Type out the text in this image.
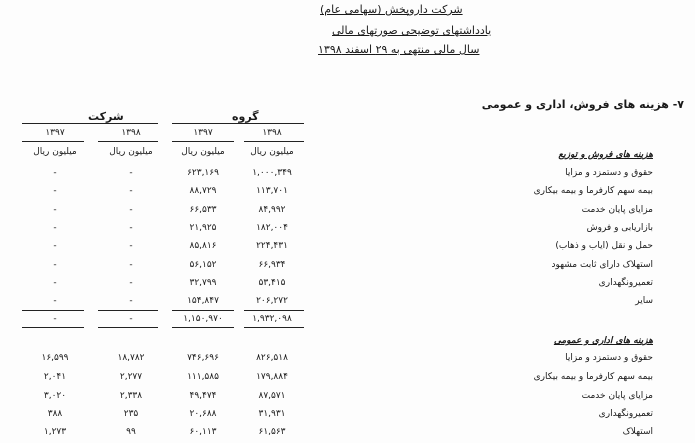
شرکت داروپخش (سهامی عام)
یادداشتهای توضیحی صورتهای مالی
سال مالی منتهی به ۲۹ اسفند ۱۳۹۸
۷- هزینه های فروش، اداری و عمومی
گروه
شرکت
۱۳۹۸
۱۳۹۷
۱۳۹۸
۱۳۹۷
میلیون ریال
میلیون ریال
میلیون ریال
میلیون ریال	هزینه های فروش و توزیع
حقوق و دستمزد و مزایا
۱,۰۰۰,۳۴۹
۶۲۳,۱۶۹
-
-
بیمه سهم کارفرما و بیمه بیکاری
۱۱۳,۷۰۱
۸۸,۷۲۹
-
-
مزایای پایان خدمت
۸۴,۹۹۲
۶۶,۵۳۳
-
-
بازاریابی و فروش
۱۸۲,۰۰۴
۲۱,۹۲۵
-
-
حمل و نقل (ایاب و ذهاب)
۲۲۴,۴۳۱
۸۵,۸۱۶
-
-
استهلاک دارای ثابت مشهود
۶۶,۹۳۴
۵۶,۱۵۲
-
-
تعمیرونگهداری
۵۳,۴۱۵
۳۲,۷۹۹
-
-
سایر
۲۰۶,۲۷۲
۱۵۴,۸۴۷
-
-
۱,۹۳۲,۰۹۸
۱,۱۵۰,۹۷۰
-
-
هزینه های اداری و عمومی
حقوق و دستمزد و مزایا
۸۲۶,۵۱۸
۷۴۶,۶۹۶
۱۸,۷۸۲
۱۶,۵۹۹
بیمه سهم کارفرما و بیمه بیکاری
۱۷۹,۸۸۴
۱۱۱,۵۸۵
۲,۲۷۷
۲,۰۴۱
مزایای پایان خدمت
۸۷,۵۷۱
۴۹,۴۷۴
۲,۳۳۸
۳,۰۲۰
تعمیرونگهداری
۳۱,۹۳۱
۲۰,۶۸۸
۲۳۵
۳۸۸
استهلاک
۶۱,۵۶۳
۶۰,۱۱۳
۹۹
۱,۲۷۳
